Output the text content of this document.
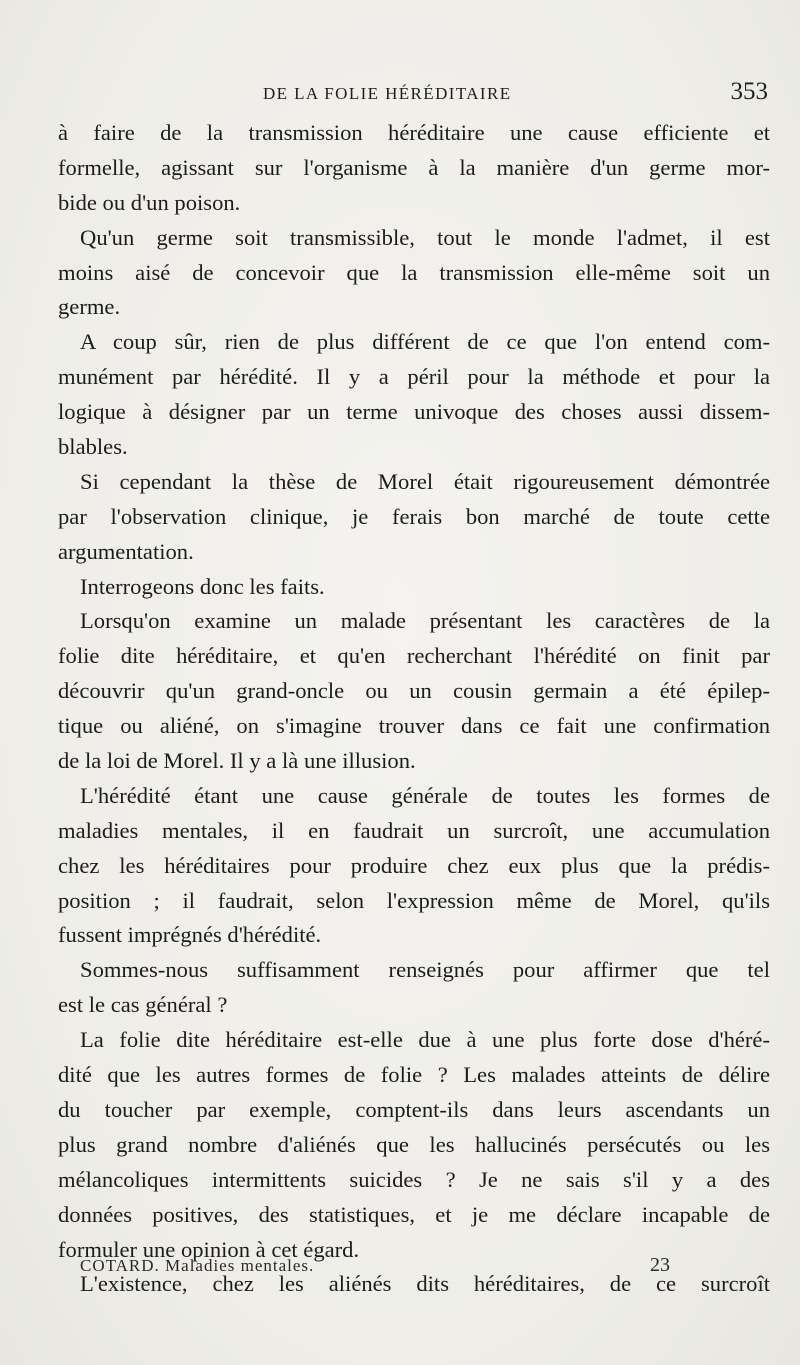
DE LA FOLIE HÉRÉDITAIRE	353
à faire de la transmission héréditaire une cause efficiente et
formelle, agissant sur l'organisme à la manière d'un germe mor-
bide ou d'un poison.
Qu'un germe soit transmissible, tout le monde l'admet, il est
moins aisé de concevoir que la transmission elle-même soit un
germe.
A coup sûr, rien de plus différent de ce que l'on entend com-
munément par hérédité. Il y a péril pour la méthode et pour la
logique à désigner par un terme univoque des choses aussi dissem-
blables.
Si cependant la thèse de Morel était rigoureusement démontrée
par l'observation clinique, je ferais bon marché de toute cette
argumentation.
Interrogeons donc les faits.
Lorsqu'on examine un malade présentant les caractères de la
folie dite héréditaire, et qu'en recherchant l'hérédité on finit par
découvrir qu'un grand-oncle ou un cousin germain a été épilep-
tique ou aliéné, on s'imagine trouver dans ce fait une confirmation
de la loi de Morel. Il y a là une illusion.
L'hérédité étant une cause générale de toutes les formes de
maladies mentales, il en faudrait un surcroît, une accumulation
chez les héréditaires pour produire chez eux plus que la prédis-
position ; il faudrait, selon l'expression même de Morel, qu'ils
fussent imprégnés d'hérédité.
Sommes-nous suffisamment renseignés pour affirmer que tel
est le cas général ?
La folie dite héréditaire est-elle due à une plus forte dose d'héré-
dité que les autres formes de folie ? Les malades atteints de délire
du toucher par exemple, comptent-ils dans leurs ascendants un
plus grand nombre d'aliénés que les hallucinés persécutés ou les
mélancoliques intermittents suicides ? Je ne sais s'il y a des
données positives, des statistiques, et je me déclare incapable de
formuler une opinion à cet égard.
L'existence, chez les aliénés dits héréditaires, de ce surcroît
COTARD. Maladies mentales.	23
